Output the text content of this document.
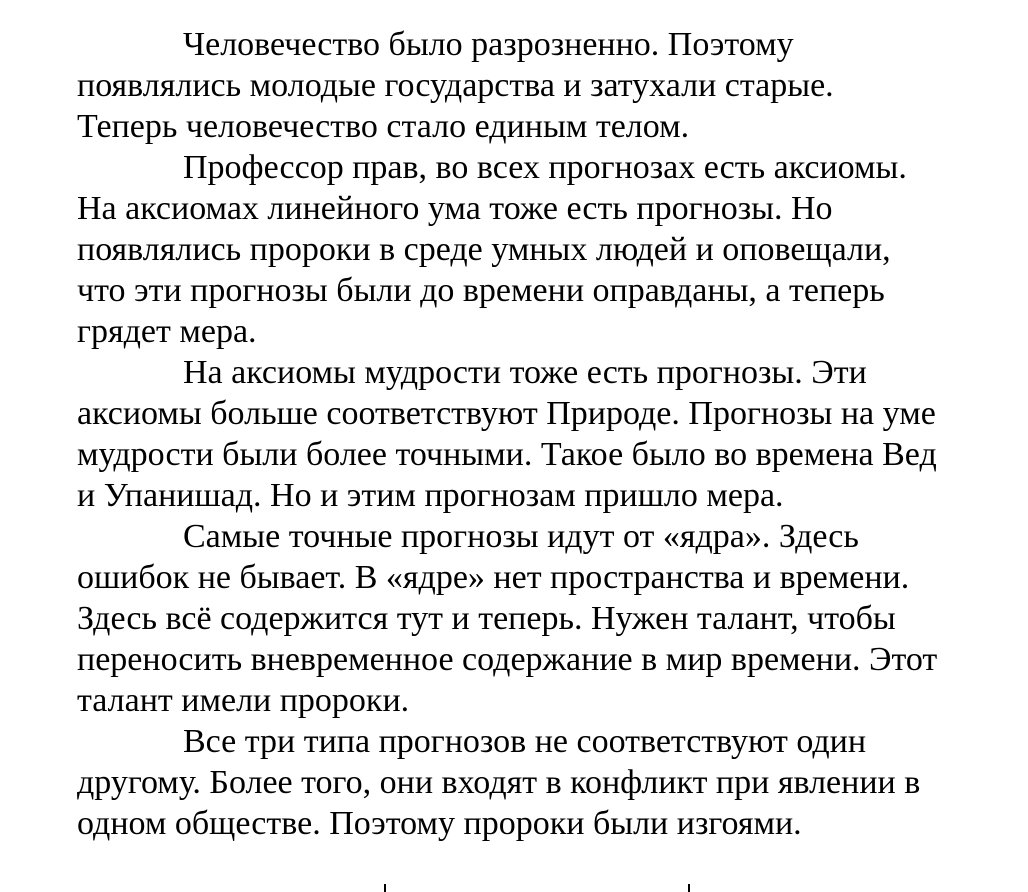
Человечество было разрозненно. Поэтому
появлялись молодые государства и затухали старые.
Теперь человечество стало единым телом.

Профессор прав, во всех прогнозах есть аксиомы.
На аксиомах линейного ума тоже есть прогнозы. Но
появлялись пророки в среде умных людей и оповещали,
что эти прогнозы были до времени оправданы, а теперь
грядет мера.

На аксиомы мудрости тоже есть прогнозы. Эти
аксиомы больше соответствуют Природе. Прогнозы на уме
мудрости были более точными. Такое было во времена Вед
и Упанишад. Но и этим прогнозам пришло мера.

Самые точные прогнозы идут от «ядра». Здесь
ошибок не бывает. В «ядре» нет пространства и времени.
Здесь всё содержится тут и теперь. Нужен талант, чтобы
переносить вневременное содержание в мир времени. Этот
талант имели пророки.

Все три типа прогнозов не соответствуют один
другому. Более того, они входят в конфликт при явлении в
одном обществе. Поэтому пророки были изгоями.
